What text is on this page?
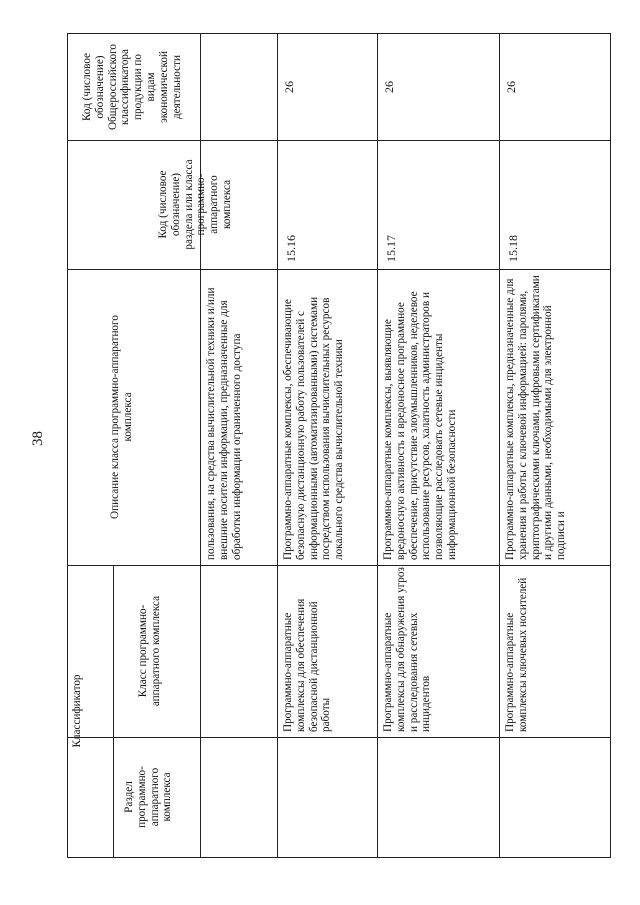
38
Код (числовое
обозначение)
Общероссийского
классификатора
продукции по
видам
экономической
деятельности
Код (числовое
обозначение)
раздела или класса
программно-
аппаратного
комплекса
Описание класса программно-аппаратного
комплекса
Классификатор	Класс программно-
аппаратного комплекса
Раздел
программно-
аппаратного
комплекса
пользования, на средства вычислительной техники и/или внешние носители информации, предназначенные для обработки информации ограниченного доступа
26
15.16
Программно-аппаратные комплексы, обеспечивающие безопасную дистанционную работу пользователей с информационными (автоматизированными) системами посредством использования вычислительных ресурсов локального средства вычислительной техники
Программно-аппаратные комплексы для обеспечения безопасной дистанционной работы
26
15.17
Программно-аппаратные комплексы, выявляющие вредоносную активность и вредоносное программное обеспечение, присутствие злоумышленников, неделевое использование ресурсов, халатность администраторов и позволяющие расследовать сетевые инциденты информационной безопасности
Программно-аппаратные комплексы для обнаружения угроз и расследования сетевых инцидентов
26
15.18
Программно-аппаратные комплексы, предназначенные для хранения и работы с ключевой информацией: паролями, криптографическими ключами, цифровыми сертификатами и другими данными, необходимыми для электронной подписи и
Программно-аппаратные комплексы ключевых носителей
